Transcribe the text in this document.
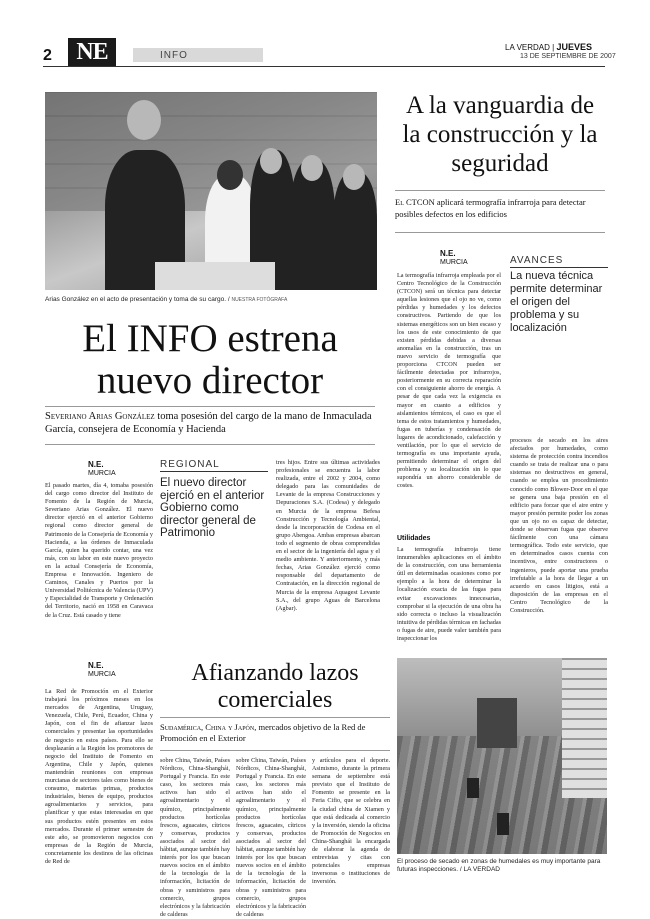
2	NE	INFO
LA VERDAD | JUEVES
13 DE SEPTIEMBRE DE 2007
Arias González en el acto de presentación y toma de su cargo. / NUESTRA FOTÓGRAFA
El INFO estrena nuevo director
Severiano Arias González toma posesión del cargo de la mano de Inmaculada García, consejera de Economía y Hacienda
N.E.
MURCIA
El pasado martes, día 4, tomaba posesión del cargo como director del Instituto de Fomento de la Región de Murcia, Severiano Arias González. El nuevo director ejerció en el anterior Gobierno regional como director general de Patrimonio de la Consejería de Economía y Hacienda, a las órdenes de Inmaculada García, quien ha querido contar, una vez más, con su labor en este nuevo proyecto en la actual Consejería de Economía, Empresa e Innovación. Ingeniero de Caminos, Canales y Puertos por la Universidad Politécnica de Valencia (UPV) y Especialidad de Transporte y Ordenación del Territorio, nació en 1958 en Caravaca de la Cruz. Está casado y tiene
REGIONAL
El nuevo director ejerció en el anterior Gobierno como director general de Patrimonio
tres hijos. Entre sus últimas actividades profesionales se encuentra la labor realizada, entre el 2002 y 2004, como delegado para las comunidades de Levante de la empresa Construcciones y Depuraciones S.A. (Codesa) y delegado en Murcia de la empresa Befesa Construcción y Tecnología Ambiental, desde la incorporación de Codesa en el grupo Abengoa. Ambas empresas abarcan todo el segmento de obras comprendidas en el sector de la ingeniería del agua y el medio ambiente. Y anteriormente, y más fechas, Arias González ejerció como responsable del departamento de Contratación, en la dirección regional de Murcia de la empresa Aquagest Levante S.A., del grupo Aguas de Barcelona (Agbar).
A la vanguardia de la construcción y la seguridad
El CTCON aplicará termografía infrarroja para detectar posibles defectos en los edificios
N.E.
MURCIA
La termografía infrarroja empleada por el Centro Tecnológico de la Construcción (CTCON) será un técnica para detectar aquellas lesiones que el ojo no ve, como pérdidas y humedades y los defectos constructivos. Partiendo de que los sistemas energéticos son un bien escaso y los usos de este conocimiento de que existen pérdidas debidas a diversas anomalías en la construcción, tras un nuevo servicio de termografía que proporciona CTCON pueden ser fácilmente detectadas por infrarrojos, posteriormente en su correcta reparación con el consiguiente ahorro de energía. A pesar de que cada vez la exigencia es mayor en cuanto a edificios y aislamientos térmicos, el caso es que el tema de estos tratamientos y humedades, fugas en tuberías y condensación de lugares de acondicionado, calefacción y ventilación, por lo que el servicio de termografía es una importante ayuda, permitiendo determinar el origen del problema y su localización sin lo que supondría un ahorro considerable de costes.
Utilidades
La termografía infrarroja tiene innumerables aplicaciones en el ámbito de la construcción, con una herramienta útil en determinadas ocasiones como por ejemplo a la hora de determinar la localización exacta de las fugas para evitar excavaciones innecesarias, comprobar si la ejecución de una obra ha sido correcta o incluso la visualización intuitiva de pérdidas térmicas en fachadas o fugas de aire, puede valer también para inspeccionar los
AVANCES
La nueva técnica permite determinar el origen del problema y su localización
procesos de secado en los aires afectados por humedades, como sistema de protección contra incendios cuando se trata de realizar una o para sistemas no destructivos en general, cuando se emplea un procedimiento conocido como Blower-Door en el que se genera una baja presión en el edificio para forzar que el aire entre y mayor presión permite poder los zonas que un ojo no es capaz de detectar, donde se observan fugas que observe fácilmente con una cámara termográfica. Todo este servicio, que en determinados casos cuenta con incentivos, entre constructores o ingenieros, puede aportar una prueba irrefutable a la hora de llegar a un acuerdo en casos litigios, está a disposición de las empresas en el Centro Tecnológico de la Construcción.
N.E.
MURCIA
La Red de Promoción en el Exterior trabajará los próximos meses en los mercados de Argentina, Uruguay, Venezuela, Chile, Perú, Ecuador, China y Japón, con el fin de afianzar lazos comerciales y presentar las oportunidades de negocio en estos países. Para ello se desplazarán a la Región los promotores de negocio del Instituto de Fomento en Argentina, Chile y Japón, quienes mantendrán reuniones con empresas murcianas de sectores tales como bienes de consumo, materias primas, productos industriales, bienes de equipo, productos agroalimentarios y servicios, para planificar y que estas interesadas en que sus productos estén presentes en estos mercados. Durante el primer semestre de este año, se promovieron negocios con empresas de la Región de Murcia, concretamente los destinos de las oficinas de Red de
Afianzando lazos comerciales
Sudamérica, China y Japón, mercados objetivo de la Red de Promoción en el Exterior
sobre China, Taiwán, Países Nórdicos, China-Shanghái, Portugal y Francia. En este caso, los sectores más activos han sido el agroalimentario y el químico, principalmente productos hortícolas frescos, aguacates, cítricos y conservas, productos asociados al sector del hábitat, aunque también hay interés por los que buscan nuevos socios en el ámbito de la tecnología de la información, licitación de obras y suministros para comercio, grupos electrónicos y la fabricación de calderas
sobre China, Taiwán, Países Nórdicos, China-Shanghái, Portugal y Francia. En este caso, los sectores más activos han sido el agroalimentario y el químico, principalmente productos hortícolas frescos, aguacates, cítricos y conservas, productos asociados al sector del hábitat, aunque también hay interés por los que buscan nuevos socios en el ámbito de la tecnología de la información, licitación de obras y suministros para comercio, grupos electrónicos y la fabricación de calderas
y artículos para el deporte. Asimismo, durante la primera semana de septiembre está previsto que el Instituto de Fomento se presente en la Feria Cifio, que se celebra en la ciudad china de Xiamen y que está dedicada al comercio y la inversión, siendo la oficina de Promoción de Negocios en China-Shanghái la encargada de elaborar la agenda de entrevistas y citas con potenciales empresas inversoras o instituciones de inversión.
El proceso de secado en zonas de humedales es muy importante para futuras inspecciones. / LA VERDAD
